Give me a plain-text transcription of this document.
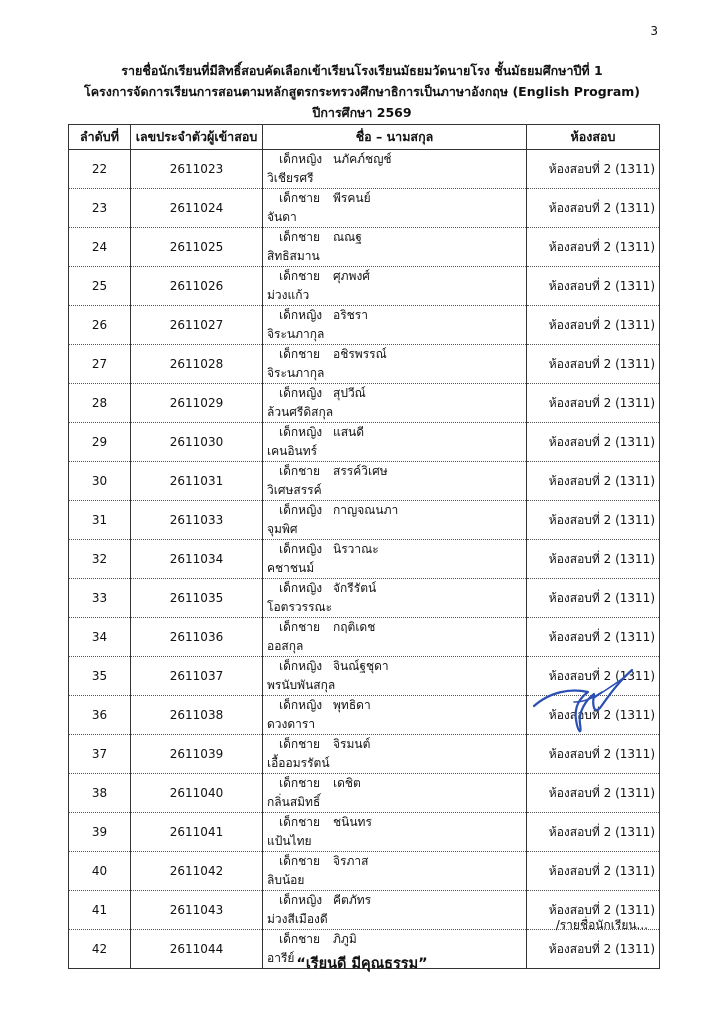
3
รายชื่อนักเรียนที่มีสิทธิ์สอบคัดเลือกเข้าเรียนโรงเรียนมัธยมวัดนายโรง ชั้นมัธยมศึกษาปีที่ 1
โครงการจัดการเรียนการสอนตามหลักสูตรกระทรวงศึกษาธิการเป็นภาษาอังกฤษ (English Program)
ปีการศึกษา 2569
ลำดับที่	เลขประจำตัวผู้เข้าสอบ	ชื่อ – นามสกุล	ห้องสอบ
22	2611023	เด็กหญิง นภัคภ์ชญช์วิเชียรศรี	ห้องสอบที่ 2 (1311)
23	2611024	เด็กชาย พีรคนย์จันดา	ห้องสอบที่ 2 (1311)
24	2611025	เด็กชาย ณณฐสิทธิสมาน	ห้องสอบที่ 2 (1311)
25	2611026	เด็กชาย ศุภพงศ์ม่วงแก้ว	ห้องสอบที่ 2 (1311)
26	2611027	เด็กหญิง อริชราจิระนภากุล	ห้องสอบที่ 2 (1311)
27	2611028	เด็กชาย อชิรพรรณ์จิระนภากุล	ห้องสอบที่ 2 (1311)
28	2611029	เด็กหญิง สุปวีณ์ล้วนศรีดิสกุล	ห้องสอบที่ 2 (1311)
29	2611030	เด็กหญิง แสนดีเคนอินทร์	ห้องสอบที่ 2 (1311)
30	2611031	เด็กชาย สรรค์วิเศษวิเศษสรรค์	ห้องสอบที่ 2 (1311)
31	2611033	เด็กหญิง กาญจณนภาจุมพิศ	ห้องสอบที่ 2 (1311)
32	2611034	เด็กหญิง นิรวาณะคชาชนม์	ห้องสอบที่ 2 (1311)
33	2611035	เด็กหญิง จักรีรัตน์โอตรวรรณะ	ห้องสอบที่ 2 (1311)
34	2611036	เด็กชาย กฤติเดชออสกุล	ห้องสอบที่ 2 (1311)
35	2611037	เด็กหญิง จินณ์ฐชุดาพรนับพันสกุล	ห้องสอบที่ 2 (1311)
36	2611038	เด็กหญิง พุทธิดาดวงดารา	ห้องสอบที่ 2 (1311)
37	2611039	เด็กชาย จิรมนต์เอื้ออมรรัตน์	ห้องสอบที่ 2 (1311)
38	2611040	เด็กชาย เดชิตกลิ่นสมิทธิ์	ห้องสอบที่ 2 (1311)
39	2611041	เด็กชาย ชนินทรแป้นไทย	ห้องสอบที่ 2 (1311)
40	2611042	เด็กชาย จิรภาสลิบน้อย	ห้องสอบที่ 2 (1311)
41	2611043	เด็กหญิง คีตภัทรม่วงสีเมืองดี	ห้องสอบที่ 2 (1311)
42	2611044	เด็กชาย ภิภูมิอารีย์	ห้องสอบที่ 2 (1311)
/รายชื่อนักเรียน...
“เรียนดี มีคุณธรรม”
